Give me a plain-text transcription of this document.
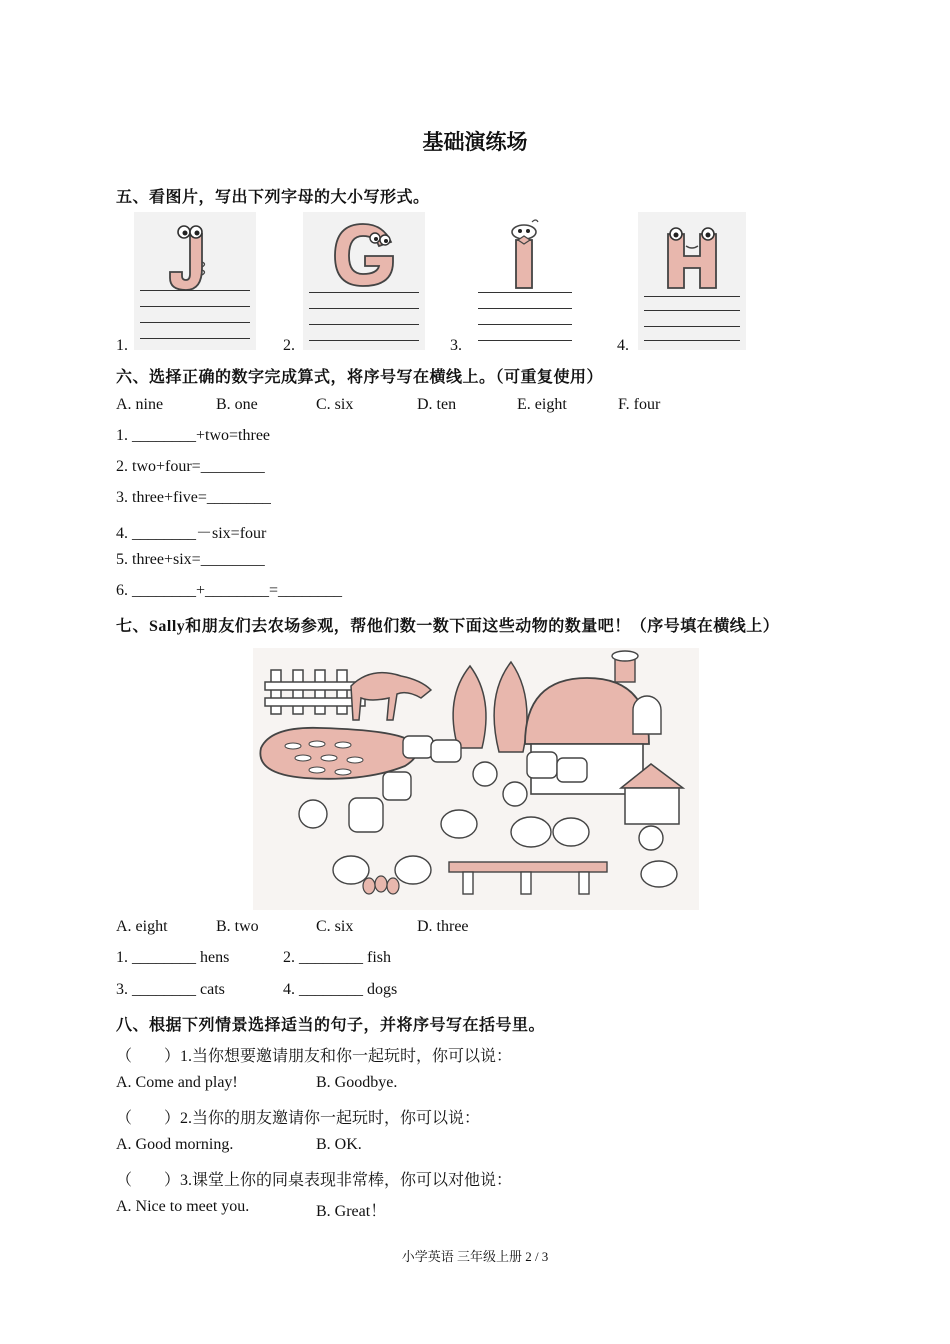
基础演练场
五、看图片，写出下列字母的大小写形式。
1.	2.	3.	4.
六、选择正确的数字完成算式，将序号写在横线上。（可重复使用）
A. nine	B. one	C. six	D. ten	E. eight	F. four
1. ________+two=three
2. two+four=________
3. three+five=________
4. ________－six=four
5. three+six=________
6. ________+________=________
七、Sally和朋友们去农场参观，帮他们数一数下面这些动物的数量吧！（序号填在横线上）
A. eight	B. two	C. six	D. three
1. ________ hens	2. ________ fish
3. ________ cats	4. ________ dogs
八、根据下列情景选择适当的句子，并将序号写在括号里。
（        ）1.当你想要邀请朋友和你一起玩时，你可以说：
A. Come and play!	B. Goodbye.
（        ）2.当你的朋友邀请你一起玩时，你可以说：
A. Good morning.	B. OK.
（        ）3.课堂上你的同桌表现非常棒，你可以对他说：
A. Nice to meet you.	B. Great！
小学英语 三年级上册 2 / 3
